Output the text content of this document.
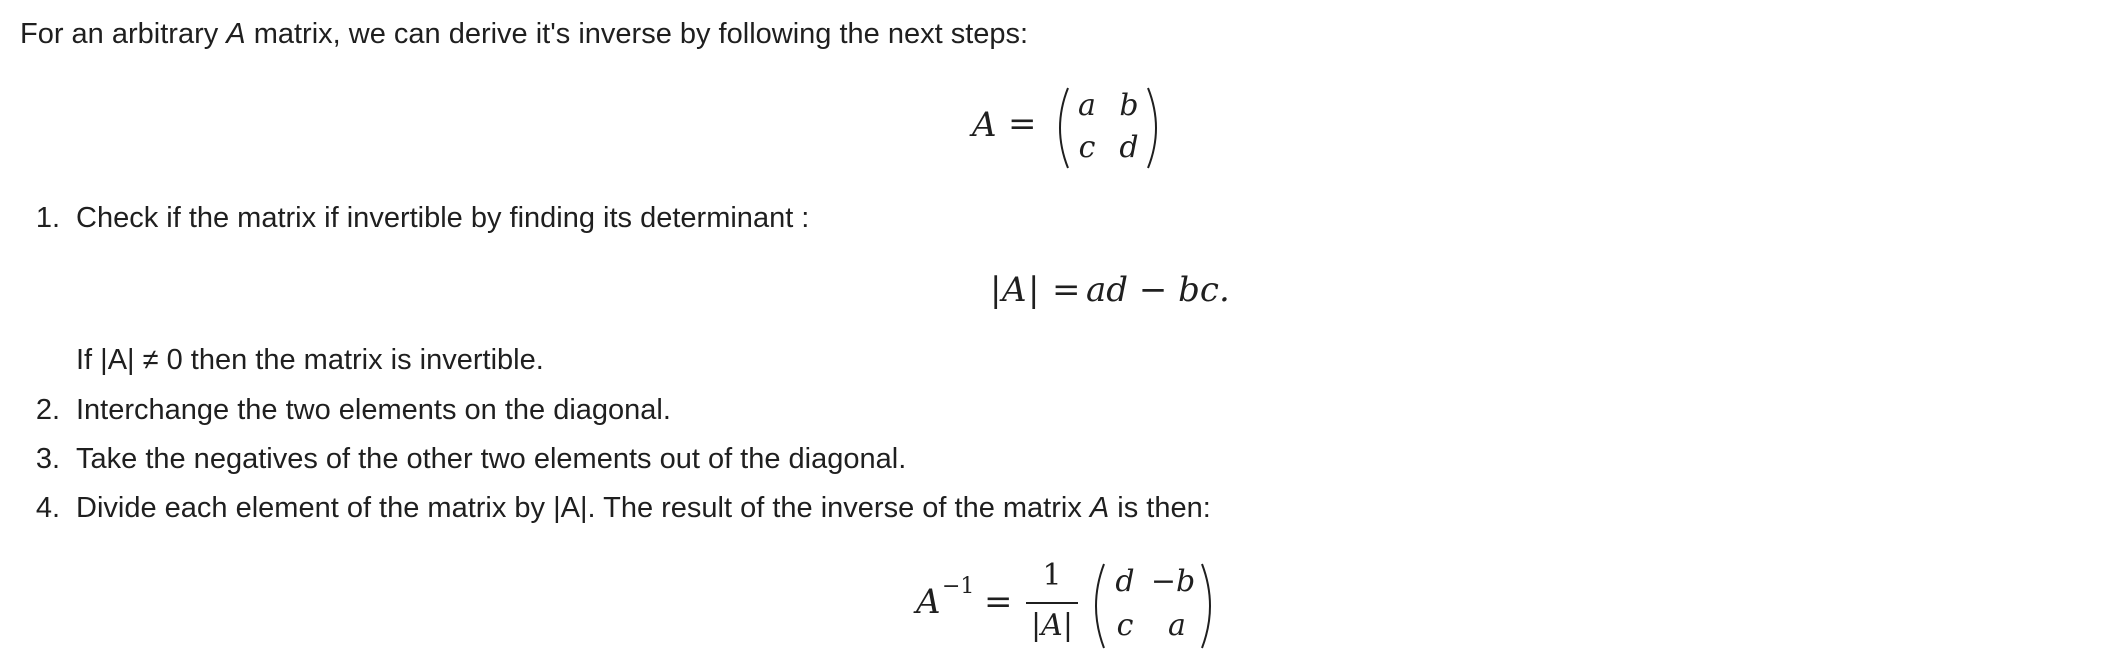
For an arbitrary A matrix, we can derive it's inverse by following the next steps:
A = a b
c d
1. Check if the matrix if invertible by finding its determinant :
| A | = ad − bc.
If |A| ≠ 0 then the matrix is invertible.
2. Interchange the two elements on the diagonal.
3. Take the negatives of the other two elements out of the diagonal.
4. Divide each element of the matrix by |A|. The result of the inverse of the matrix A is then:
A −1 =
1
|A|
d −b
c	a
